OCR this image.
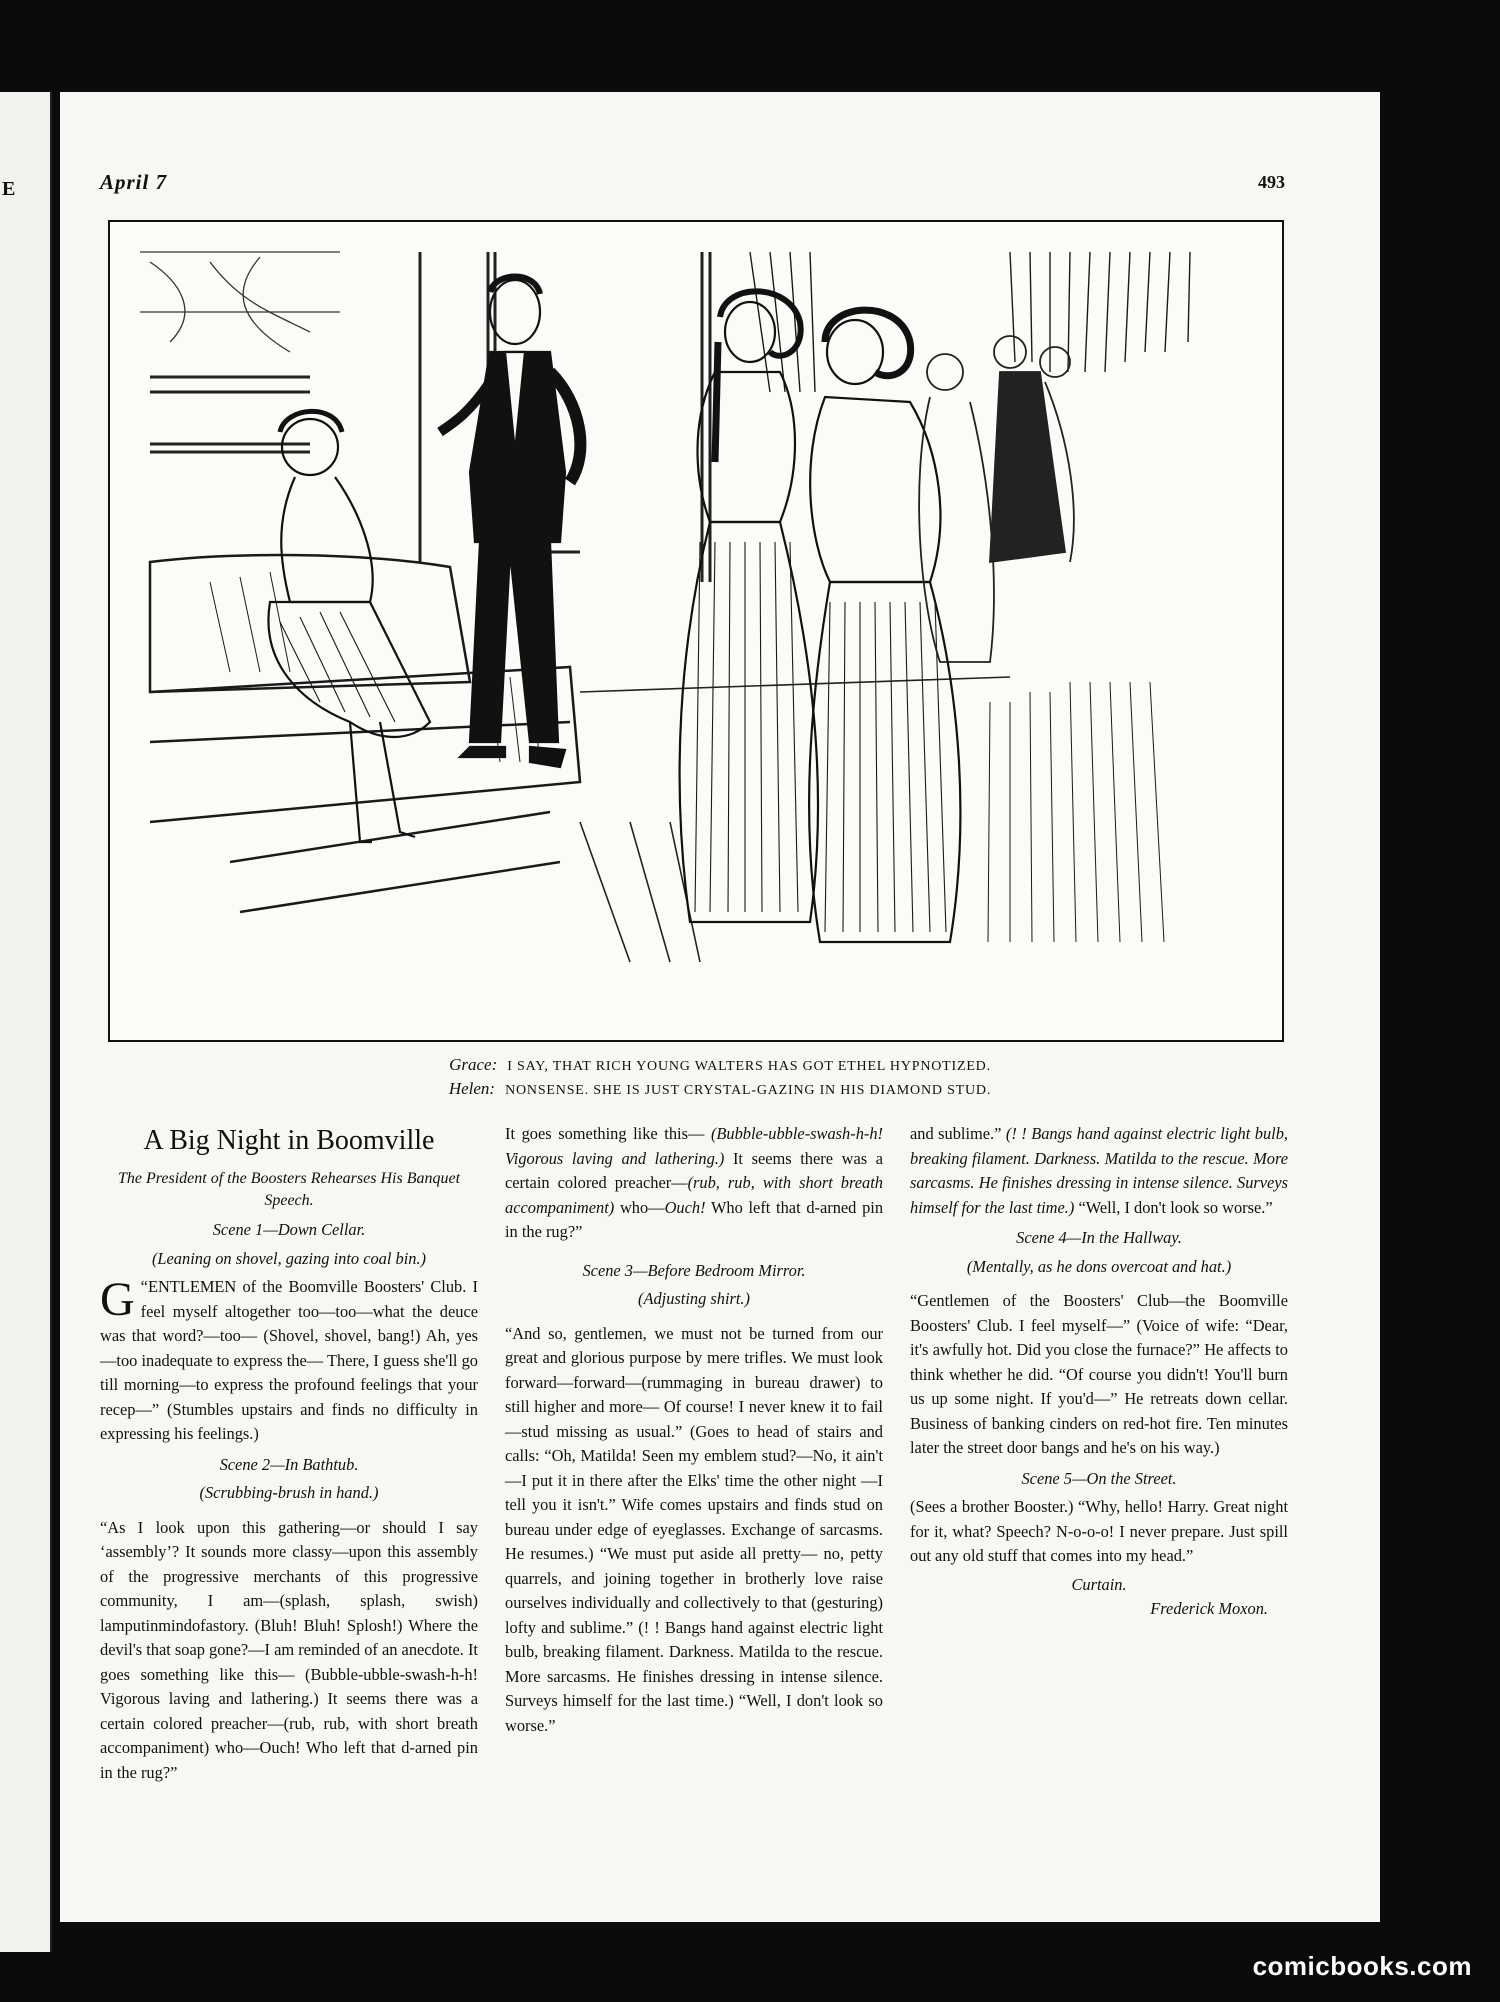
E	April 7	493
Grace: I SAY, THAT RICH YOUNG WALTERS HAS GOT ETHEL HYPNOTIZED.
Helen: NONSENSE. SHE IS JUST CRYSTAL-GAZING IN HIS DIAMOND STUD.
A Big Night in Boomville
The President of the Boosters Rehearses His Banquet Speech.
Scene 1—Down Cellar.
(Leaning on shovel, gazing into coal bin.)

G “ENTLEMEN of the Boomville Boosters' Club. I feel myself altogether too—too—what the deuce was that word?—too— (Shovel, shovel, bang!) Ah, yes—too inadequate to express the— There, I guess she'll go till morning—to express the profound feelings that your recep—” (Stumbles upstairs and finds no difficulty in expressing his feelings.)

Scene 2—In Bathtub.
(Scrubbing-brush in hand.)

“As I look upon this gathering—or should I say ‘assembly’? It sounds more classy—upon this assembly of the progressive merchants of this progressive community, I am—(splash, splash, swish) lamputinmindofastory. (Bluh! Bluh! Splosh!) Where the devil's that soap gone?—I am reminded of an anecdote. It goes something like this— (Bubble-ubble-swash-h-h! Vigorous laving and lathering.) It seems there was a certain colored preacher—(rub, rub, with short breath accompaniment) who—Ouch! Who left that d-arned pin in the rug?”

It goes something like this— (Bubble-ubble-swash-h-h! Vigorous laving and lathering.) It seems there was a certain colored preacher—(rub, rub, with short breath accompaniment) who—Ouch! Who left that d-arned pin in the rug?”

Scene 3—Before Bedroom Mirror.
(Adjusting shirt.)

“And so, gentlemen, we must not be turned from our great and glorious purpose by mere trifles. We must look forward—forward—(rummaging in bureau drawer) to still higher and more— Of course! I never knew it to fail—stud missing as usual.” (Goes to head of stairs and calls: “Oh, Matilda! Seen my emblem stud?—No, it ain't—I put it in there after the Elks' time the other night —I tell you it isn't.” Wife comes upstairs and finds stud on bureau under edge of eyeglasses. Exchange of sarcasms. He resumes.) “We must put aside all pretty— no, petty quarrels, and joining together in brotherly love raise ourselves individually and collectively to that (gesturing) lofty and sublime.” (! ! Bangs hand against electric light bulb, breaking filament. Darkness. Matilda to the rescue. More sarcasms. He finishes dressing in intense silence. Surveys himself for the last time.) “Well, I don't look so worse.”

and sublime.” (! ! Bangs hand against electric light bulb, breaking filament. Darkness. Matilda to the rescue. More sarcasms. He finishes dressing in intense silence. Surveys himself for the last time.) “Well, I don't look so worse.”

Scene 4—In the Hallway.
(Mentally, as he dons overcoat and hat.)

“Gentlemen of the Boosters' Club—the Boomville Boosters' Club. I feel myself—” (Voice of wife: “Dear, it's awfully hot. Did you close the furnace?” He affects to think whether he did. “Of course you didn't! You'll burn us up some night. If you'd—” He retreats down cellar. Business of banking cinders on red-hot fire. Ten minutes later the street door bangs and he's on his way.)

Scene 5—On the Street.

(Sees a brother Booster.) “Why, hello! Harry. Great night for it, what? Speech? N-o-o-o! I never prepare. Just spill out any old stuff that comes into my head.”

Curtain.
Frederick Moxon.
comicbooks.com
